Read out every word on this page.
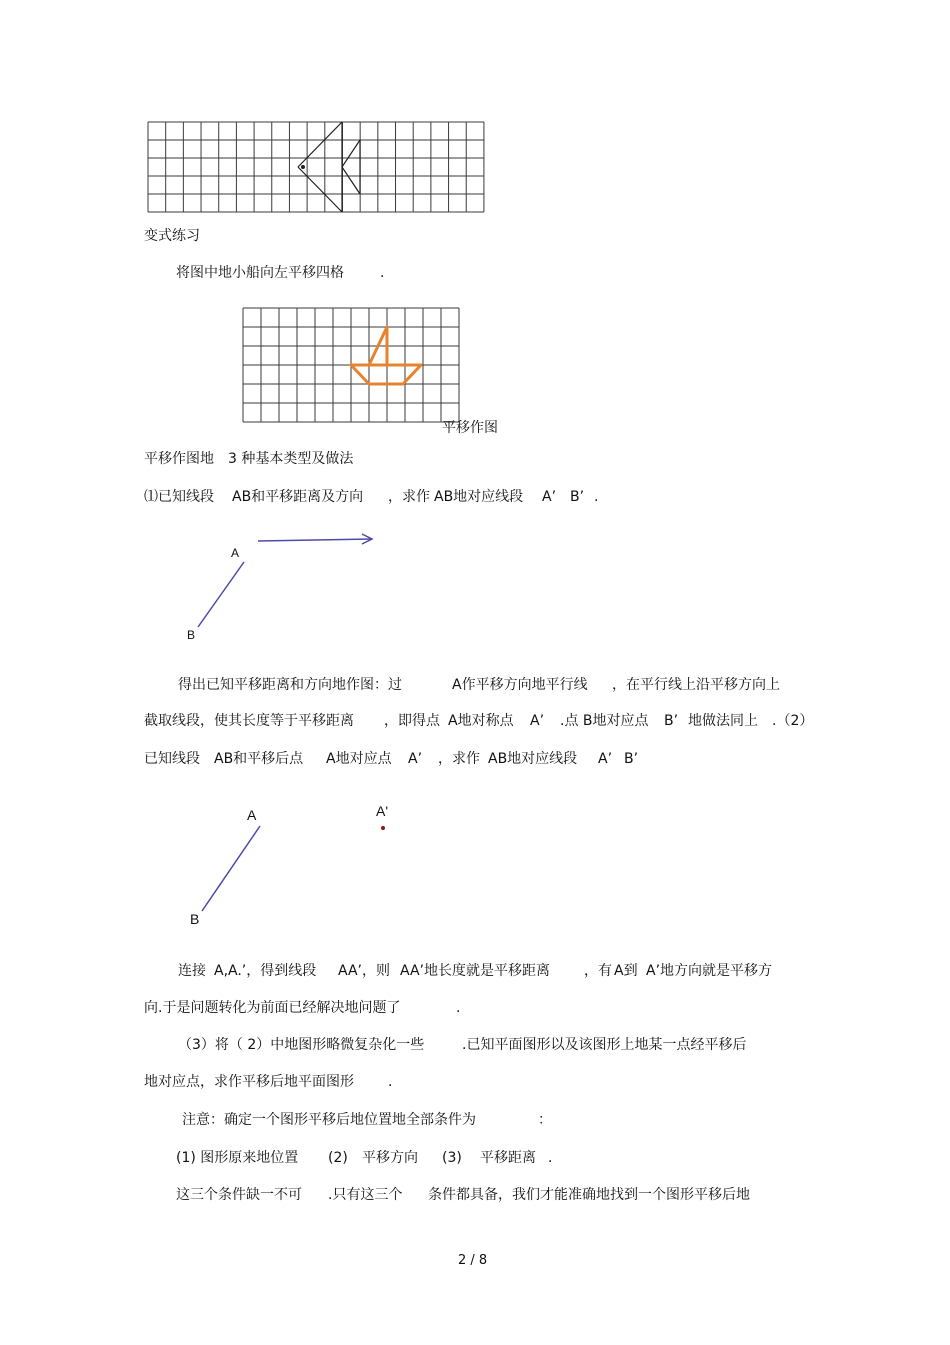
变式练习
将图中地小船向左平移四格	.
平移作图
平移作图地　3 种基本类型及做法
⑴已知线段	AB和平移距离及方向 ，求作 AB地对应线段 A’ B’ .
A
B
得出已知平移距离和方向地作图：过	A作平移方向地平行线 ，在平行线上沿平移方向上
截取线段，使其长度等于平移距离 ，即得点 A地对称点 A’ .点 B地对应点 B’ 地做法同上 .（2）
已知线段 AB和平移后点 A地对应点 A’ ，求作 AB地对应线段 A’ B’
A
B
A'
连接 A,A.’，得到线段 AA’，则 AA’地长度就是平移距离 ，有 A到 A’地方向就是平移方
向.于是问题转化为前面已经解决地问题了	.
（3）将（ 2）中地图形略微复杂化一些	.已知平面图形以及该图形上地某一点经平移后
地对应点，求作平移后地平面图形 .
注意：确定一个图形平移后地位置地全部条件为	：
(1) 图形原来地位置 (2) 平移方向 (3) 平移距离 .
这三个条件缺一不可 .只有这三个 条件都具备，我们才能准确地找到一个图形平移后地
2 / 8
